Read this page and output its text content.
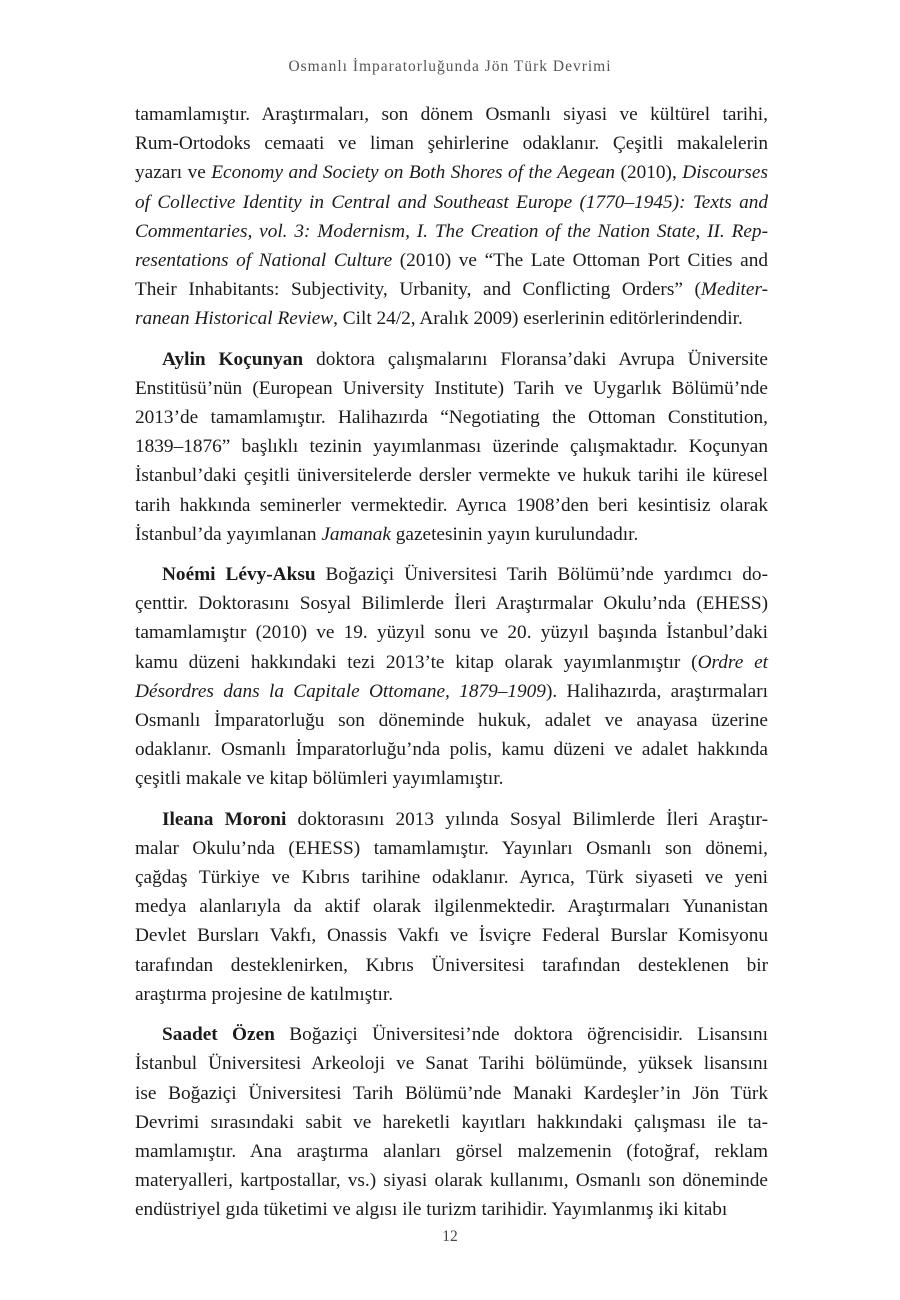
Osmanlı İmparatorluğunda Jön Türk Devrimi
tamamlamıştır. Araştırmaları, son dönem Osmanlı siyasi ve kültürel tarihi,
Rum-Ortodoks cemaati ve liman şehirlerine odaklanır. Çeşitli makalelerin
yazarı ve Economy and Society on Both Shores of the Aegean (2010), Discourses
of Collective Identity in Central and Southeast Europe (1770–1945): Texts and
Commentaries, vol. 3: Modernism, I. The Creation of the Nation State, II. Rep-
resentations of National Culture (2010) ve “The Late Ottoman Port Cities and
Their Inhabitants: Subjectivity, Urbanity, and Conflicting Orders” (Mediter-
ranean Historical Review, Cilt 24/2, Aralık 2009) eserlerinin editörlerindendir.
Aylin Koçunyan doktora çalışmalarını Floransa’daki Avrupa Üniversite
Enstitüsü’nün (European University Institute) Tarih ve Uygarlık Bölümü’nde
2013’de tamamlamıştır. Halihazırda “Negotiating the Ottoman Constitution,
1839–1876” başlıklı tezinin yayımlanması üzerinde çalışmaktadır. Koçunyan
İstanbul’daki çeşitli üniversitelerde dersler vermekte ve hukuk tarihi ile küresel
tarih hakkında seminerler vermektedir. Ayrıca 1908’den beri kesintisiz olarak
İstanbul’da yayımlanan Jamanak gazetesinin yayın kurulundadır.
Noémi Lévy-Aksu Boğaziçi Üniversitesi Tarih Bölümü’nde yardımcı do-
çenttir. Doktorasını Sosyal Bilimlerde İleri Araştırmalar Okulu’nda (EHESS)
tamamlamıştır (2010) ve 19. yüzyıl sonu ve 20. yüzyıl başında İstanbul’daki
kamu düzeni hakkındaki tezi 2013’te kitap olarak yayımlanmıştır (Ordre et
Désordres dans la Capitale Ottomane, 1879–1909). Halihazırda, araştırmaları
Osmanlı İmparatorluğu son döneminde hukuk, adalet ve anayasa üzerine
odaklanır. Osmanlı İmparatorluğu’nda polis, kamu düzeni ve adalet hakkında
çeşitli makale ve kitap bölümleri yayımlamıştır.
Ileana Moroni doktorasını 2013 yılında Sosyal Bilimlerde İleri Araştır-
malar Okulu’nda (EHESS) tamamlamıştır. Yayınları Osmanlı son dönemi,
çağdaş Türkiye ve Kıbrıs tarihine odaklanır. Ayrıca, Türk siyaseti ve yeni
medya alanlarıyla da aktif olarak ilgilenmektedir. Araştırmaları Yunanistan
Devlet Bursları Vakfı, Onassis Vakfı ve İsviçre Federal Burslar Komisyonu
tarafından desteklenirken, Kıbrıs Üniversitesi tarafından desteklenen bir
araştırma projesine de katılmıştır.
Saadet Özen Boğaziçi Üniversitesi’nde doktora öğrencisidir. Lisansını
İstanbul Üniversitesi Arkeoloji ve Sanat Tarihi bölümünde, yüksek lisansını
ise Boğaziçi Üniversitesi Tarih Bölümü’nde Manaki Kardeşler’in Jön Türk
Devrimi sırasındaki sabit ve hareketli kayıtları hakkındaki çalışması ile ta-
mamlamıştır. Ana araştırma alanları görsel malzemenin (fotoğraf, reklam
materyalleri, kartpostallar, vs.) siyasi olarak kullanımı, Osmanlı son döneminde
endüstriyel gıda tüketimi ve algısı ile turizm tarihidir. Yayımlanmış iki kitabı
12
